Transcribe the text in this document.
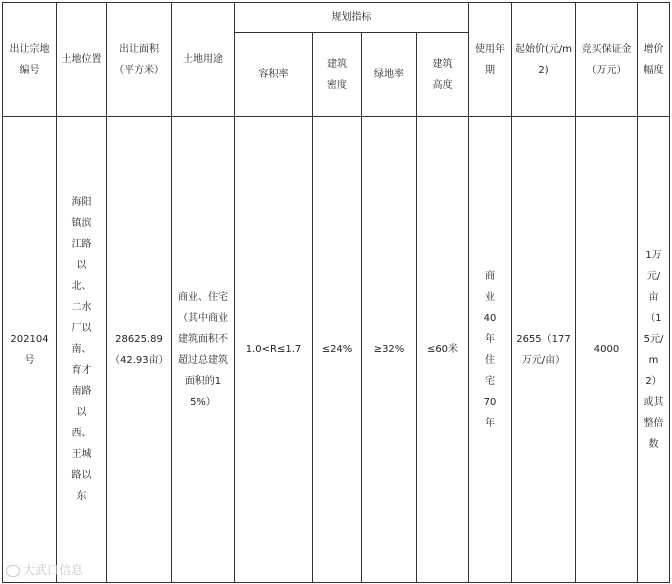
出让宗地编号	土地位置	出让面积（平方米）	土地用途	规划指标				使用年期	起始价(元/m2)	竞买保证金（万元）	增价幅度
				容积率	建筑密度	绿地率	建筑高度				
202104号	海阳镇滨江路以北、二水厂以南、育才南路以西、王城路以东	28625.89（42.93亩）	商业、住宅（其中商业建筑面积不超过总建筑面积的15%）	1.0<R≤1.7	≤24%	≥32%	≤60米	商业40年住宅70年	2655（177万元/亩）	4000	1万元/亩（15元/m2）或其整倍数
大武口信息
